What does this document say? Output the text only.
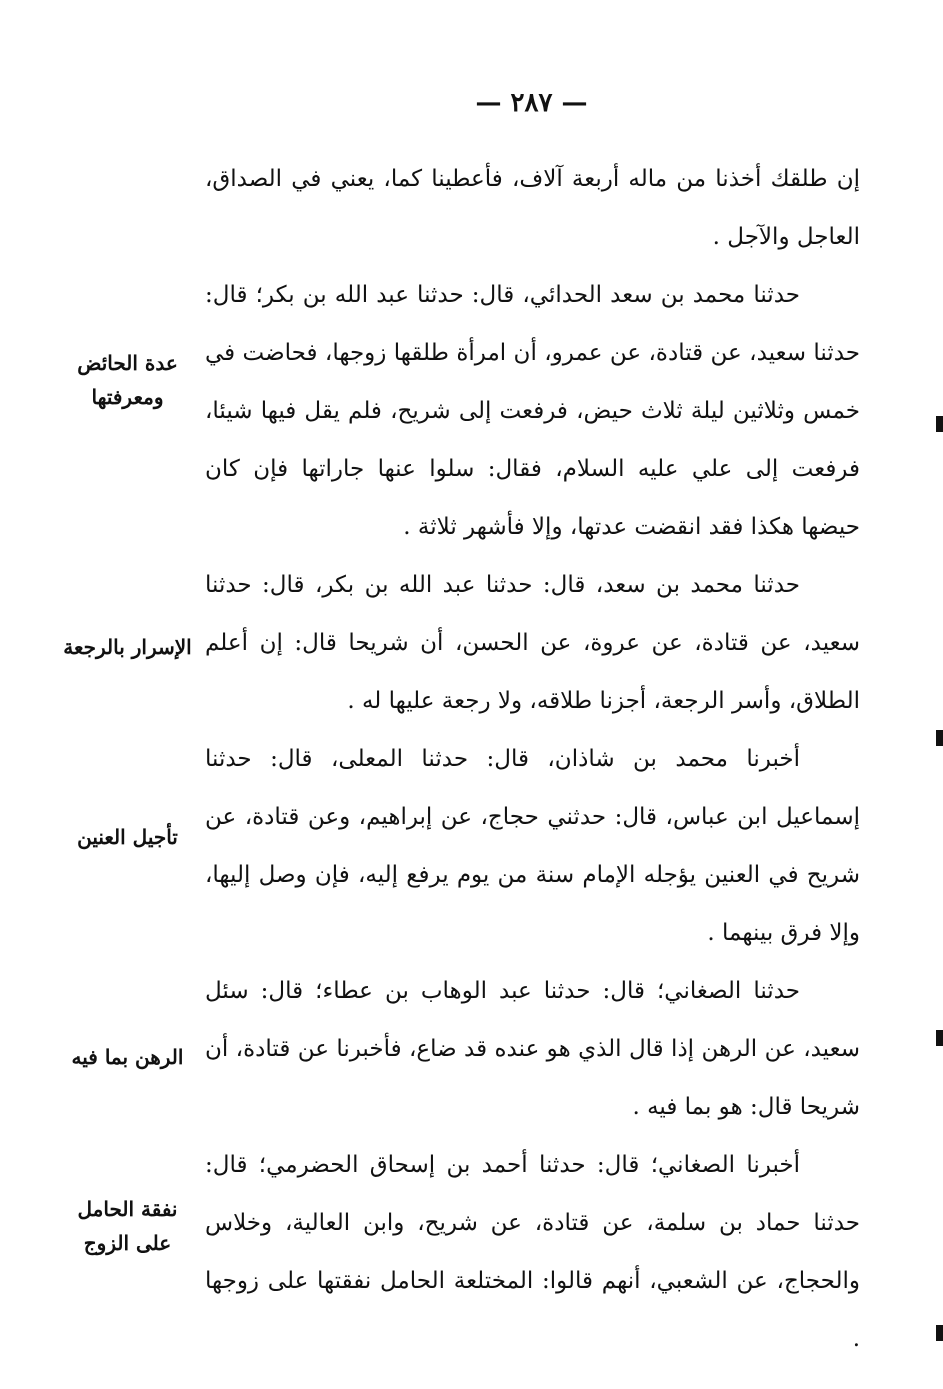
— ٢٨٧ —

إن طلقك أخذنا من ماله أربعة آلاف، فأعطينا كما، يعني في الصداق، العاجل والآجل .

حدثنا محمد بن سعد الحدائي، قال: حدثنا عبد الله بن بكر؛ قال: حدثنا سعيد، عن قتادة، عن عمرو، أن امرأة طلقها زوجها، فحاضت في خمس وثلاثين ليلة ثلاث حيض، فرفعت إلى شريح، فلم يقل فيها شيئا، فرفعت إلى علي عليه السلام، فقال: سلوا عنها جاراتها فإن كان حيضها هكذا فقد انقضت عدتها، وإلا فأشهر ثلاثة .

حدثنا محمد بن سعد، قال: حدثنا عبد الله بن بكر، قال: حدثنا سعيد، عن قتادة، عن عروة، عن الحسن، أن شريحا قال: إن أعلم الطلاق، وأسر الرجعة، أجزنا طلاقه، ولا رجعة عليها له .

أخبرنا محمد بن شاذان، قال: حدثنا المعلى، قال: حدثنا إسماعيل ابن عباس، قال: حدثني حجاج، عن إبراهيم، وعن قتادة، عن شريح في العنين يؤجله الإمام سنة من يوم يرفع إليه، فإن وصل إليها، وإلا فرق بينهما .

حدثنا الصغاني؛ قال: حدثنا عبد الوهاب بن عطاء؛ قال: سئل سعيد، عن الرهن إذا قال الذي هو عنده قد ضاع، فأخبرنا عن قتادة، أن شريحا قال: هو بما فيه .

أخبرنا الصغاني؛ قال: حدثنا أحمد بن إسحاق الحضرمي؛ قال: حدثنا حماد بن سلمة، عن قتادة، عن شريح، وابن العالية، وخلاس والحجاج، عن الشعبي، أنهم قالوا: المختلعة الحامل نفقتها على زوجها .

عدة الحائض ومعرفتها
الإسرار بالرجعة
تأجيل العنين
الرهن بما فيه
نفقة الحامل على الزوج
